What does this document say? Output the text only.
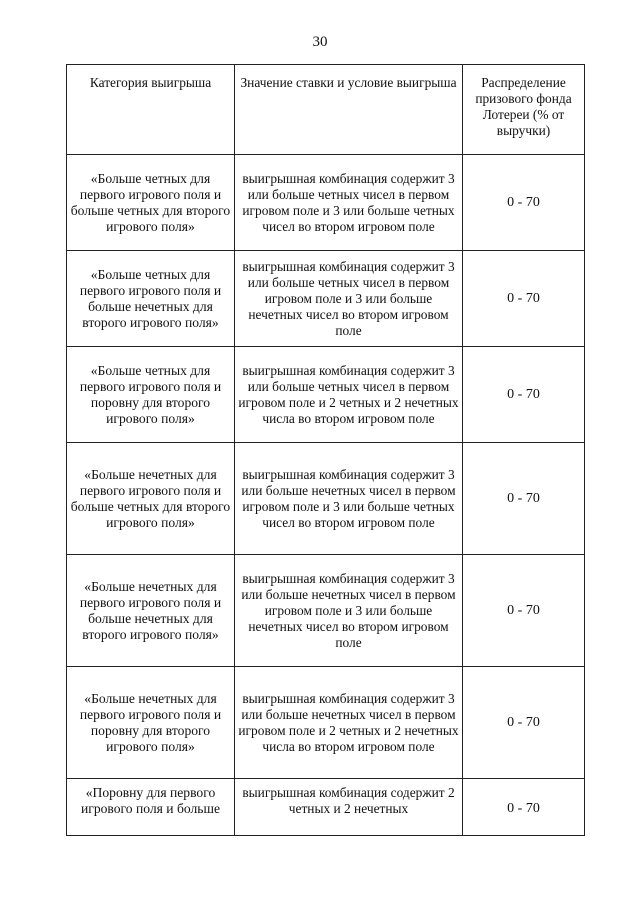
30
Категория выигрыша	Значение ставки и условие выигрыша	Распределение призового фонда Лотереи (% от выручки)
«Больше четных для первого игрового поля и больше четных для второго игрового поля»	выигрышная комбинация содержит 3 или больше четных чисел в первом игровом поле и 3 или больше четных чисел во втором игровом поле	0 - 70
«Больше четных для первого игрового поля и больше нечетных для второго игрового поля»	выигрышная комбинация содержит 3 или больше четных чисел в первом игровом поле и 3 или больше нечетных чисел во втором игровом поле	0 - 70
«Больше четных для первого игрового поля и поровну для второго игрового поля»	выигрышная комбинация содержит 3 или больше четных чисел в первом игровом поле и 2 четных и 2 нечетных числа во втором игровом поле	0 - 70
«Больше нечетных для первого игрового поля и больше четных для второго игрового поля»	выигрышная комбинация содержит 3 или больше нечетных чисел в первом игровом поле и 3 или больше четных чисел во втором игровом поле	0 - 70
«Больше нечетных для первого игрового поля и больше нечетных для второго игрового поля»	выигрышная комбинация содержит 3 или больше нечетных чисел в первом игровом поле и 3 или больше нечетных чисел во втором игровом поле	0 - 70
«Больше нечетных для первого игрового поля и поровну для второго игрового поля»	выигрышная комбинация содержит 3 или больше нечетных чисел в первом игровом поле и 2 четных и 2 нечетных числа во втором игровом поле	0 - 70
«Поровну для первого игрового поля и больше	выигрышная комбинация содержит 2 четных и 2 нечетных	0 - 70
